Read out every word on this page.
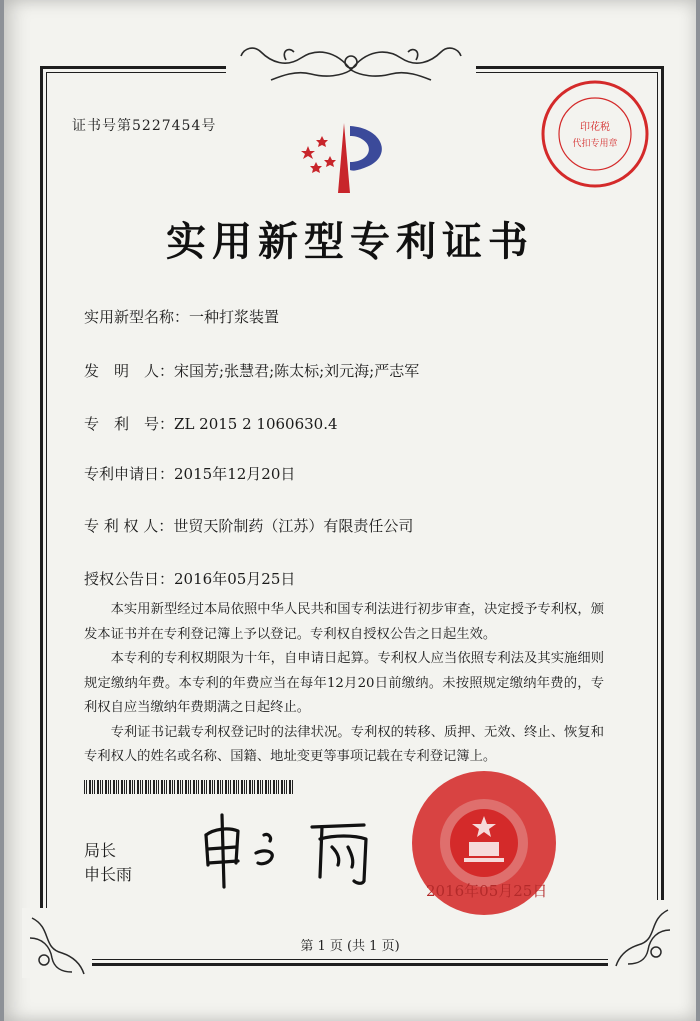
证书号第5227454号	印花税
代扣专用章
实用新型专利证书
实用新型名称：一种打浆装置
发　明　人：宋国芳;张慧君;陈太标;刘元海;严志军
专　利　号：ZL 2015 2 1060630.4
专利申请日：2015年12月20日
专 利 权 人：世贸天阶制药（江苏）有限责任公司
授权公告日：2016年05月25日

本实用新型经过本局依照中华人民共和国专利法进行初步审查，决定授予专利权，颁发本证书并在专利登记簿上予以登记。专利权自授权公告之日起生效。

本专利的专利权期限为十年，自申请日起算。专利权人应当依照专利法及其实施细则规定缴纳年费。本专利的年费应当在每年12月20日前缴纳。未按照规定缴纳年费的，专利权自应当缴纳年费期满之日起终止。

专利证书记载专利权登记时的法律状况。专利权的转移、质押、无效、终止、恢复和专利权人的姓名或名称、国籍、地址变更等事项记载在专利登记簿上。

局长
申长雨
2016年05月25日
第 1 页 (共 1 页)
